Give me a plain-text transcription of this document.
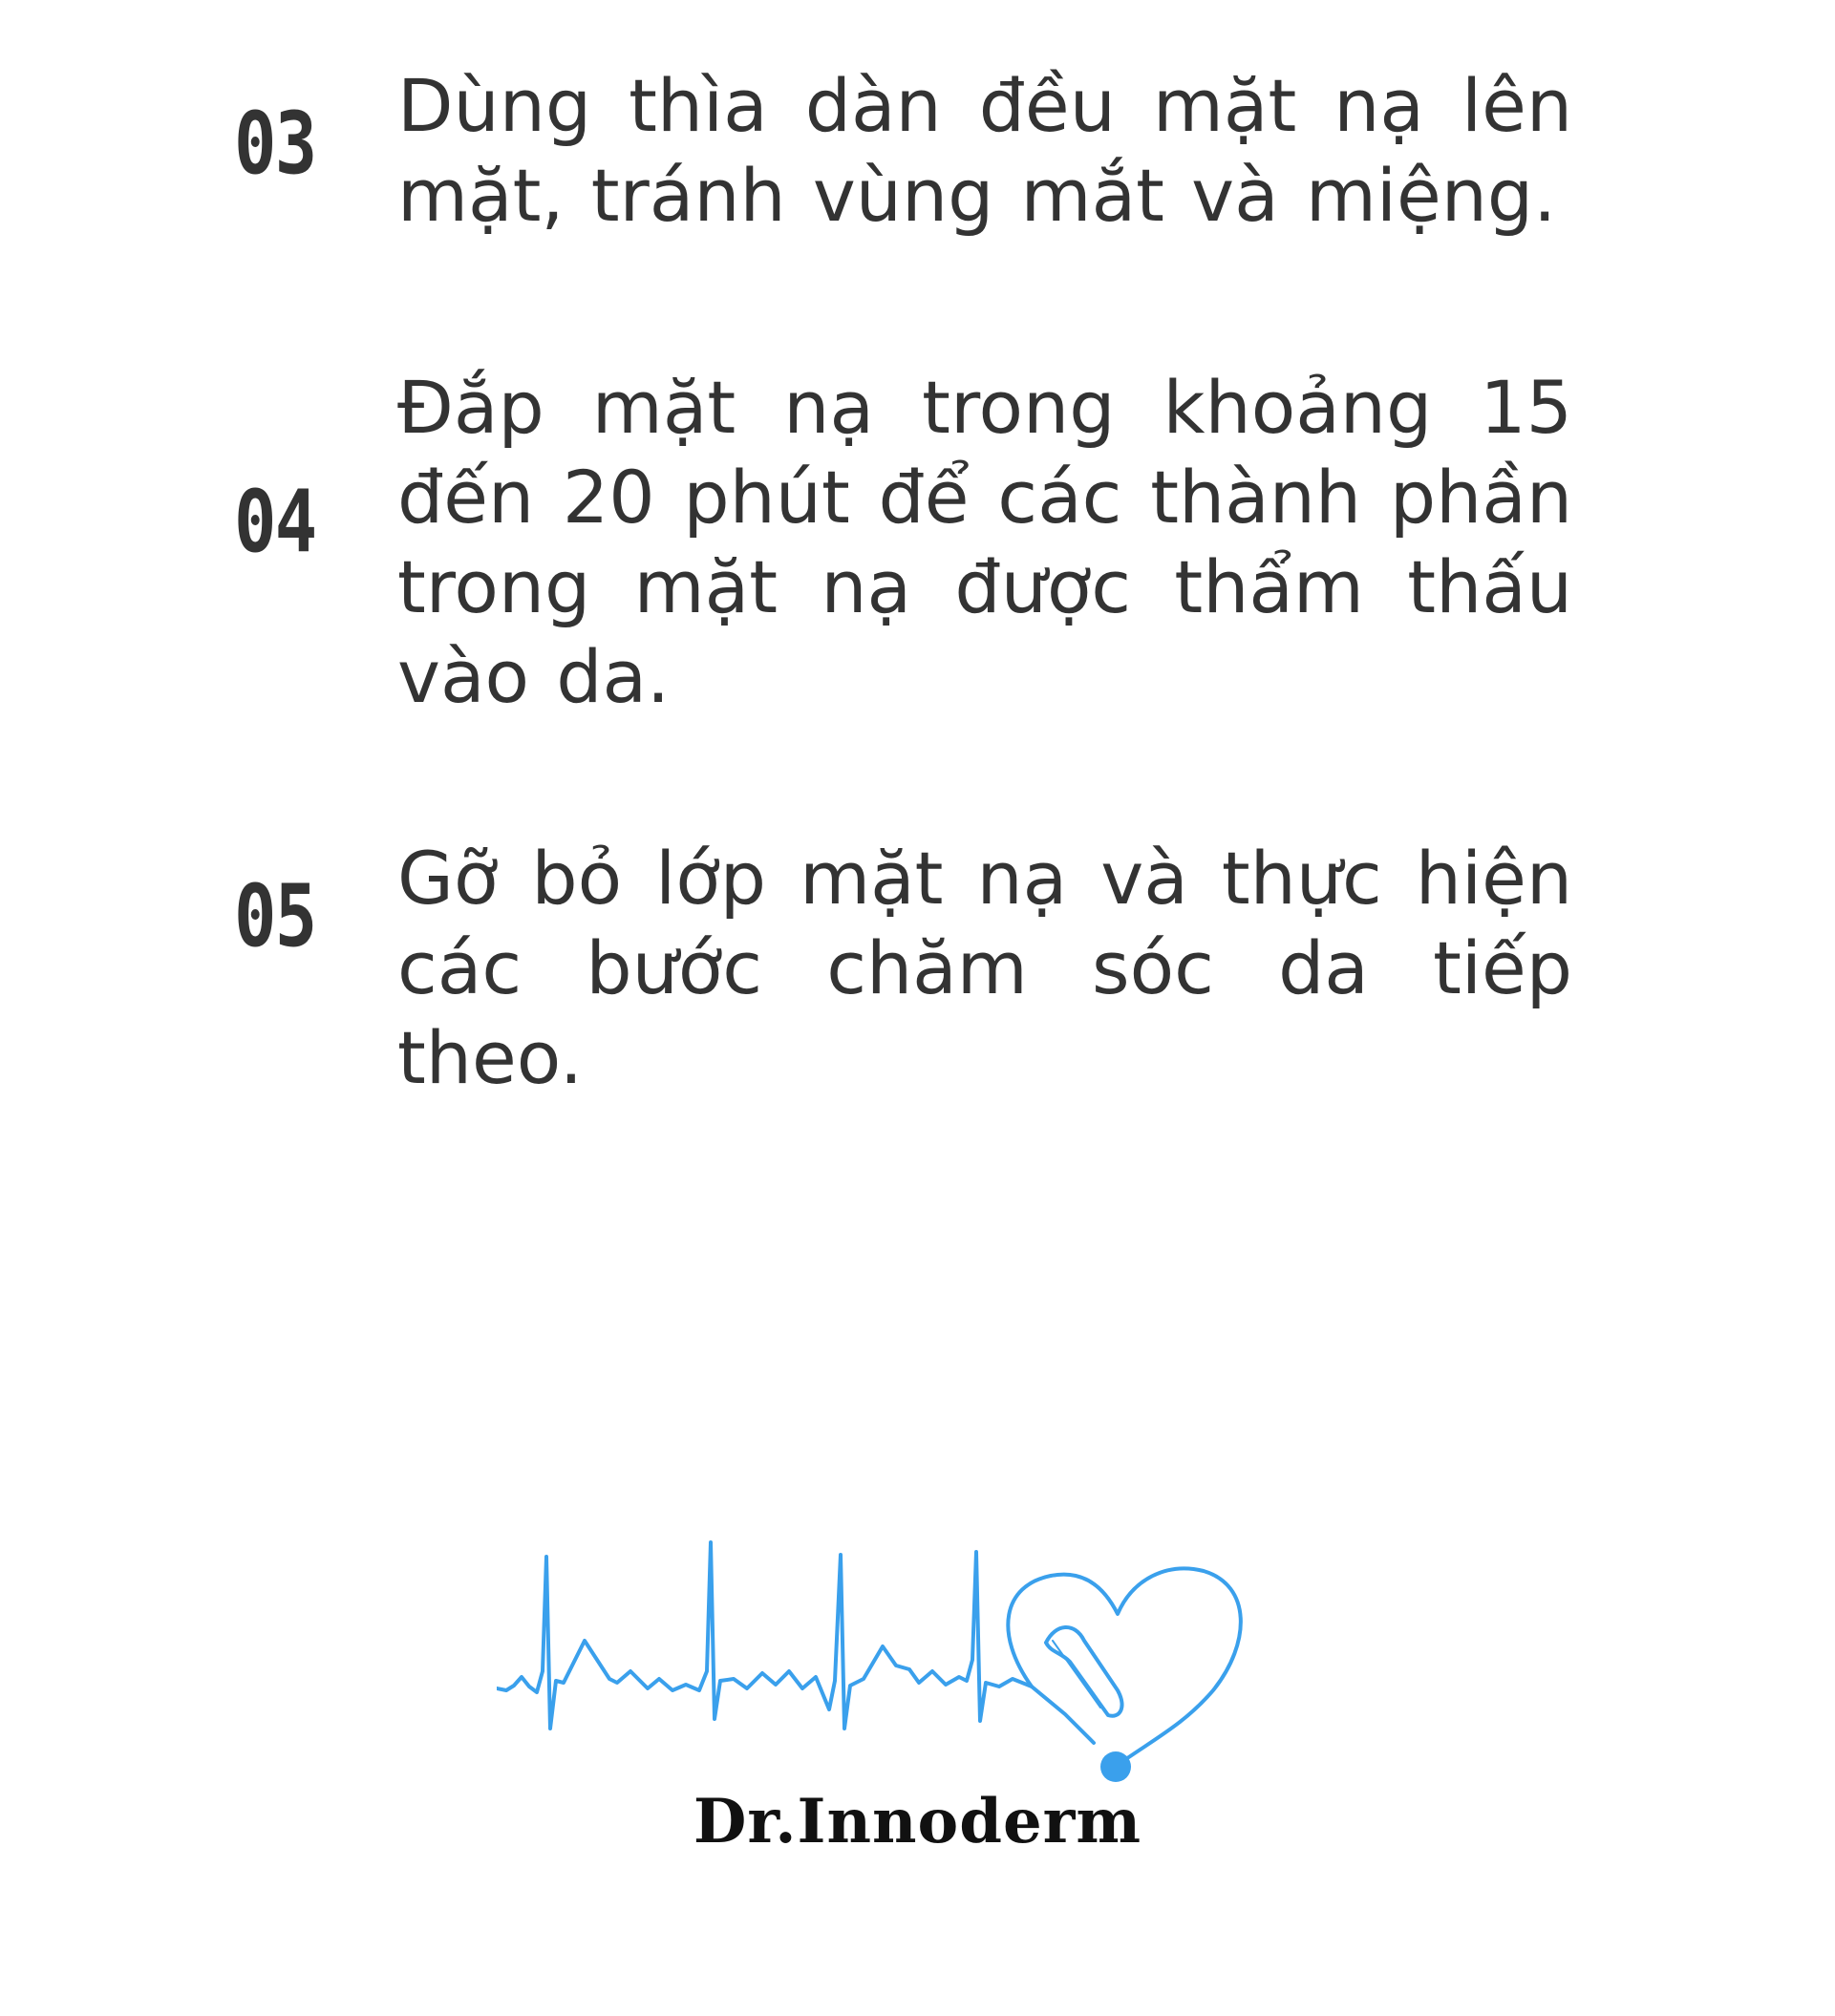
03 Dùng thìa dàn đều mặt nạ lên mặt, tránh vùng mắt và miệng.
04
Đắp mặt nạ trong khoảng 15 đến 20 phút để các thành phần trong mặt nạ được thẩm thấu vào da.
05 Gỡ bỏ lớp mặt nạ và thực hiện các bước chăm sóc da tiếp theo.
Dr.Innoderm
